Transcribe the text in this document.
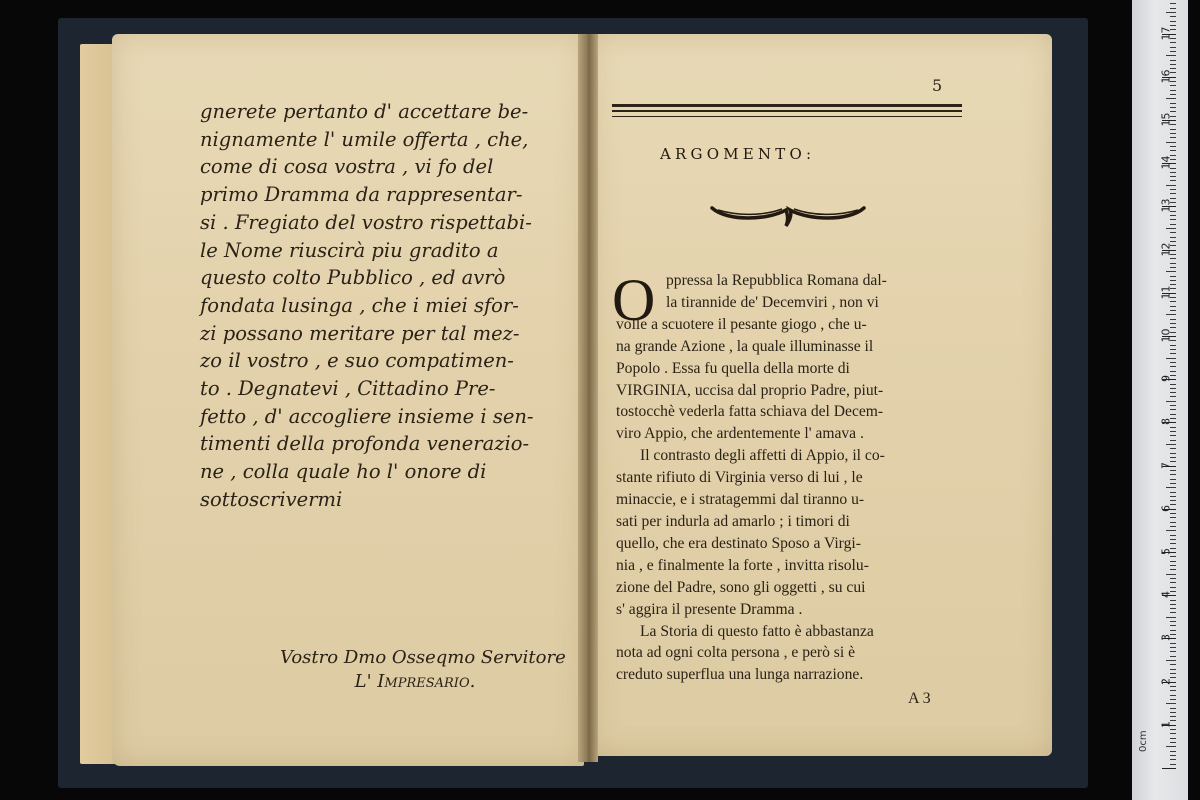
gnerete pertanto d' accettare be-
nignamente l' umile offerta , che,
come di cosa vostra , vi fo del
primo Dramma da rappresentar-
si . Fregiato del vostro rispettabi-
le Nome riuscirà piu gradito a
questo colto Pubblico , ed avrò
fondata lusinga , che i miei sfor-
zi possano meritare per tal mez-
zo il vostro , e suo compatimen-
to . Degnatevi , Cittadino Pre-
fetto , d' accogliere insieme i sen-
timenti della profonda venerazio-
ne , colla quale ho l' onore di
sottoscrivermi
Vostro Dmo Osseqmo Servitore
L' Impresario.
5
ARGOMENTO:
O ppressa la Repubblica Romana dal-
la tirannide de' Decemviri , non vi
volle a scuotere il pesante giogo , che u-
na grande Azione , la quale illuminasse il
Popolo . Essa fu quella della morte di
VIRGINIA, uccisa dal proprio Padre, piut-
tostocchè vederla fatta schiava del Decem-
viro Appio, che ardentemente l' amava .
Il contrasto degli affetti di Appio, il co-
stante rifiuto di Virginia verso di lui , le
minaccie, e i stratagemmi dal tiranno u-
sati per indurla ad amarlo ; i timori di
quello, che era destinato Sposo a Virgi-
nia , e finalmente la forte , invitta risolu-
zione del Padre, sono gli oggetti , su cui
s' aggira il presente Dramma .
La Storia di questo fatto è abbastanza
nota ad ogni colta persona , e però si è
creduto superflua una lunga narrazione.
A 3
1
2
3
4
5
6
7
8
9
10
11
12
13
14
15
16
17
0cm
